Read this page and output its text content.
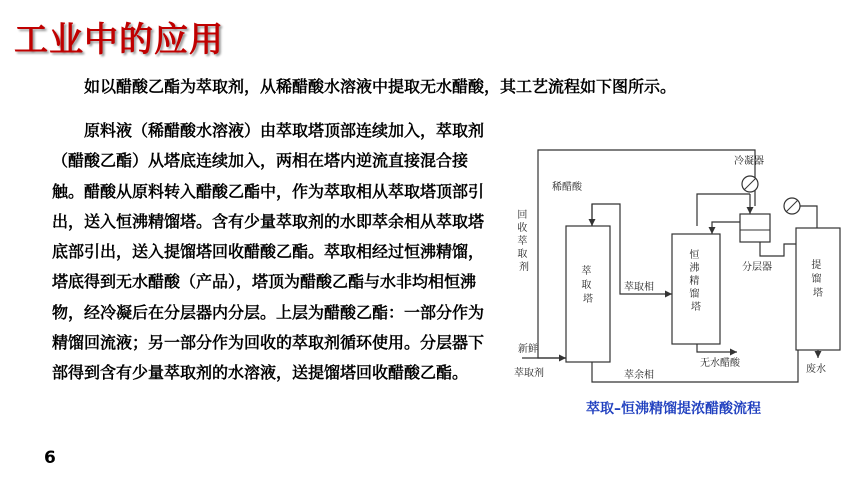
工业中的应用
如以醋酸乙酯为萃取剂，从稀醋酸水溶液中提取无水醋酸，其工艺流程如下图所示。

原料液（稀醋酸水溶液）由萃取塔顶部连续加入，萃取剂（醋酸乙酯）从塔底连续加入，两相在塔内逆流直接混合接触。醋酸从原料转入醋酸乙酯中，作为萃取相从萃取塔顶部引出，送入恒沸精馏塔。含有少量萃取剂的水即萃余相从萃取塔底部引出，送入提馏塔回收醋酸乙酯。萃取相经过恒沸精馏，塔底得到无水醋酸（产品），塔顶为醋酸乙酯与水非均相恒沸物，经冷凝后在分层器内分层。上层为醋酸乙酯：一部分作为精馏回流液；另一部分作为回收的萃取剂循环使用。分层器下部得到含有少量萃取剂的水溶液，送提馏塔回收醋酸乙酯。

6
回 收 萃 取 剂
稀醋酸
萃 取 塔
萃取相
新鲜
萃取剂	萃余相
恒 沸 精 馏 塔
冷凝器
分层器
无水醋酸
提 馏 塔
废水
萃取–恒沸精馏提浓醋酸流程
